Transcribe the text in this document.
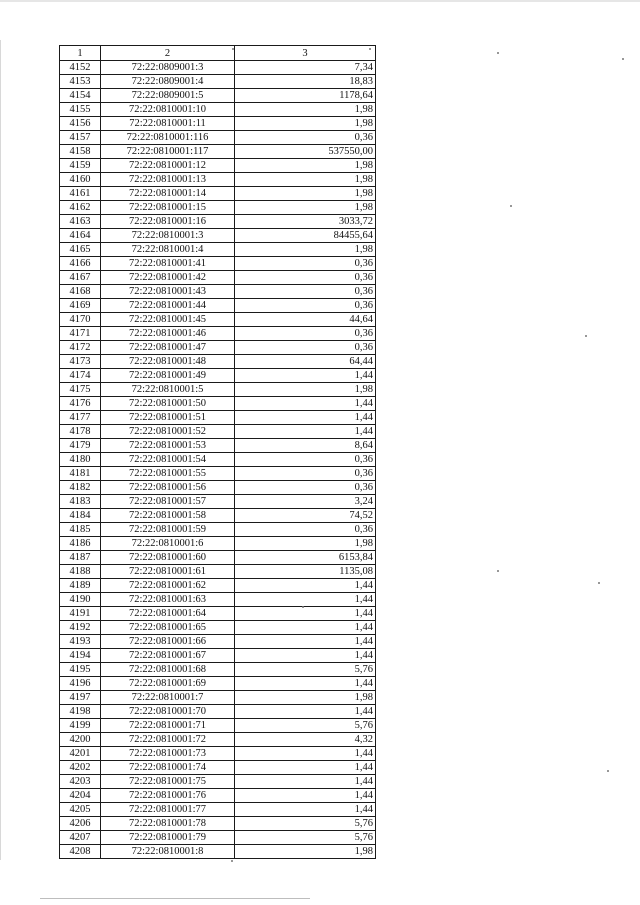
1	2	3
4152	72:22:0809001:3	7,34
4153	72:22:0809001:4	18,83
4154	72:22:0809001:5	1178,64
4155	72:22:0810001:10	1,98
4156	72:22:0810001:11	1,98
4157	72:22:0810001:116	0,36
4158	72:22:0810001:117	537550,00
4159	72:22:0810001:12	1,98
4160	72:22:0810001:13	1,98
4161	72:22:0810001:14	1,98
4162	72:22:0810001:15	1,98
4163	72:22:0810001:16	3033,72
4164	72:22:0810001:3	84455,64
4165	72:22:0810001:4	1,98
4166	72:22:0810001:41	0,36
4167	72:22:0810001:42	0,36
4168	72:22:0810001:43	0,36
4169	72:22:0810001:44	0,36
4170	72:22:0810001:45	44,64
4171	72:22:0810001:46	0,36
4172	72:22:0810001:47	0,36
4173	72:22:0810001:48	64,44
4174	72:22:0810001:49	1,44
4175	72:22:0810001:5	1,98
4176	72:22:0810001:50	1,44
4177	72:22:0810001:51	1,44
4178	72:22:0810001:52	1,44
4179	72:22:0810001:53	8,64
4180	72:22:0810001:54	0,36
4181	72:22:0810001:55	0,36
4182	72:22:0810001:56	0,36
4183	72:22:0810001:57	3,24
4184	72:22:0810001:58	74,52
4185	72:22:0810001:59	0,36
4186	72:22:0810001:6	1,98
4187	72:22:0810001:60	6153,84
4188	72:22:0810001:61	1135,08
4189	72:22:0810001:62	1,44
4190	72:22:0810001:63	1,44
4191	72:22:0810001:64	1,44
4192	72:22:0810001:65	1,44
4193	72:22:0810001:66	1,44
4194	72:22:0810001:67	1,44
4195	72:22:0810001:68	5,76
4196	72:22:0810001:69	1,44
4197	72:22:0810001:7	1,98
4198	72:22:0810001:70	1,44
4199	72:22:0810001:71	5,76
4200	72:22:0810001:72	4,32
4201	72:22:0810001:73	1,44
4202	72:22:0810001:74	1,44
4203	72:22:0810001:75	1,44
4204	72:22:0810001:76	1,44
4205	72:22:0810001:77	1,44
4206	72:22:0810001:78	5,76
4207	72:22:0810001:79	5,76
4208	72:22:0810001:8	1,98
